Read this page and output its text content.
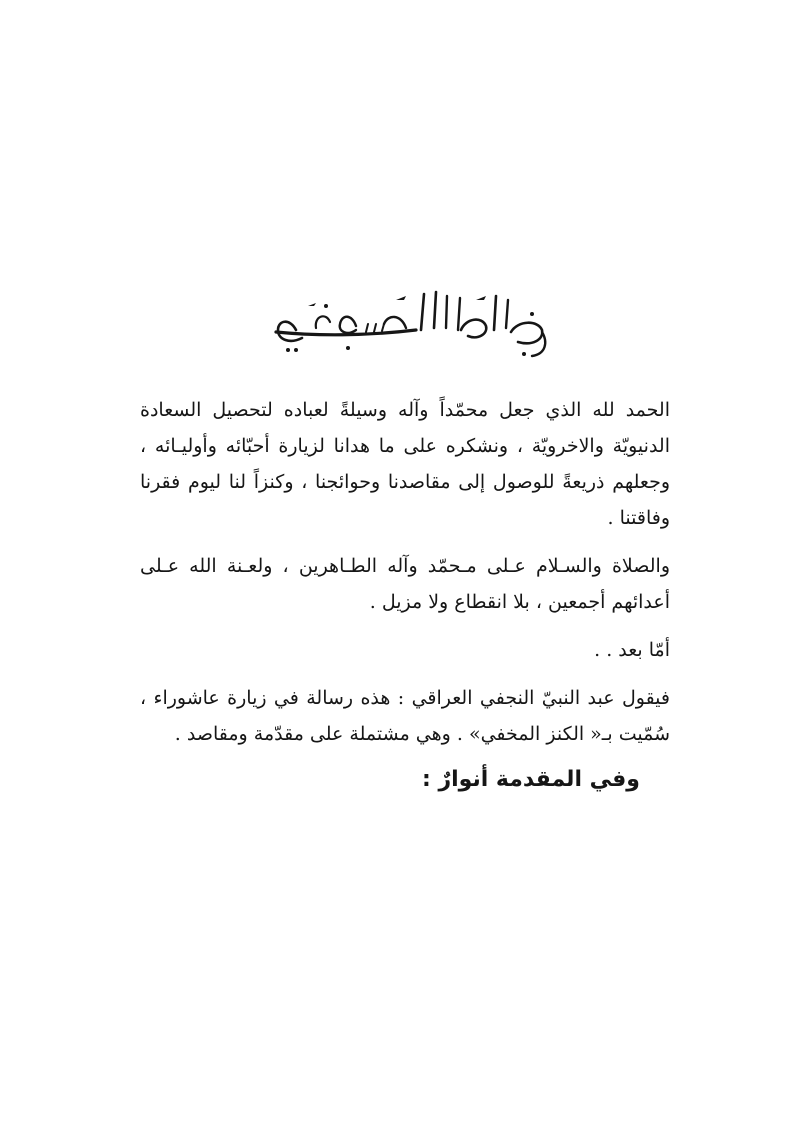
الحمد لله الذي جعل محمّداً وآله وسيلةً لعباده لتحصيل السعادة الدنيويّة والاخرويّة ، ونشكره على ما هدانا لزيارة أحبّائه وأوليـائه ، وجعلهم ذريعةً للوصول إلى مقاصدنا وحوائجنا ، وكنزاً لنا ليوم فقرنا وفاقتنا .

والصلاة والسـلام عـلى مـحمّد وآله الطـاهرين ، ولعـنة الله عـلى أعدائهم أجمعين ، بلا انقطاع ولا مزيل .

أمّا بعد . .

فيقول عبد النبيّ النجفي العراقي : هذه رسالة في زيارة عاشوراء ، سُمّيت بـ« الكنز المخفي» . وهي مشتملة على مقدّمة ومقاصد .

وفي المقدمة أنوارٌ :
